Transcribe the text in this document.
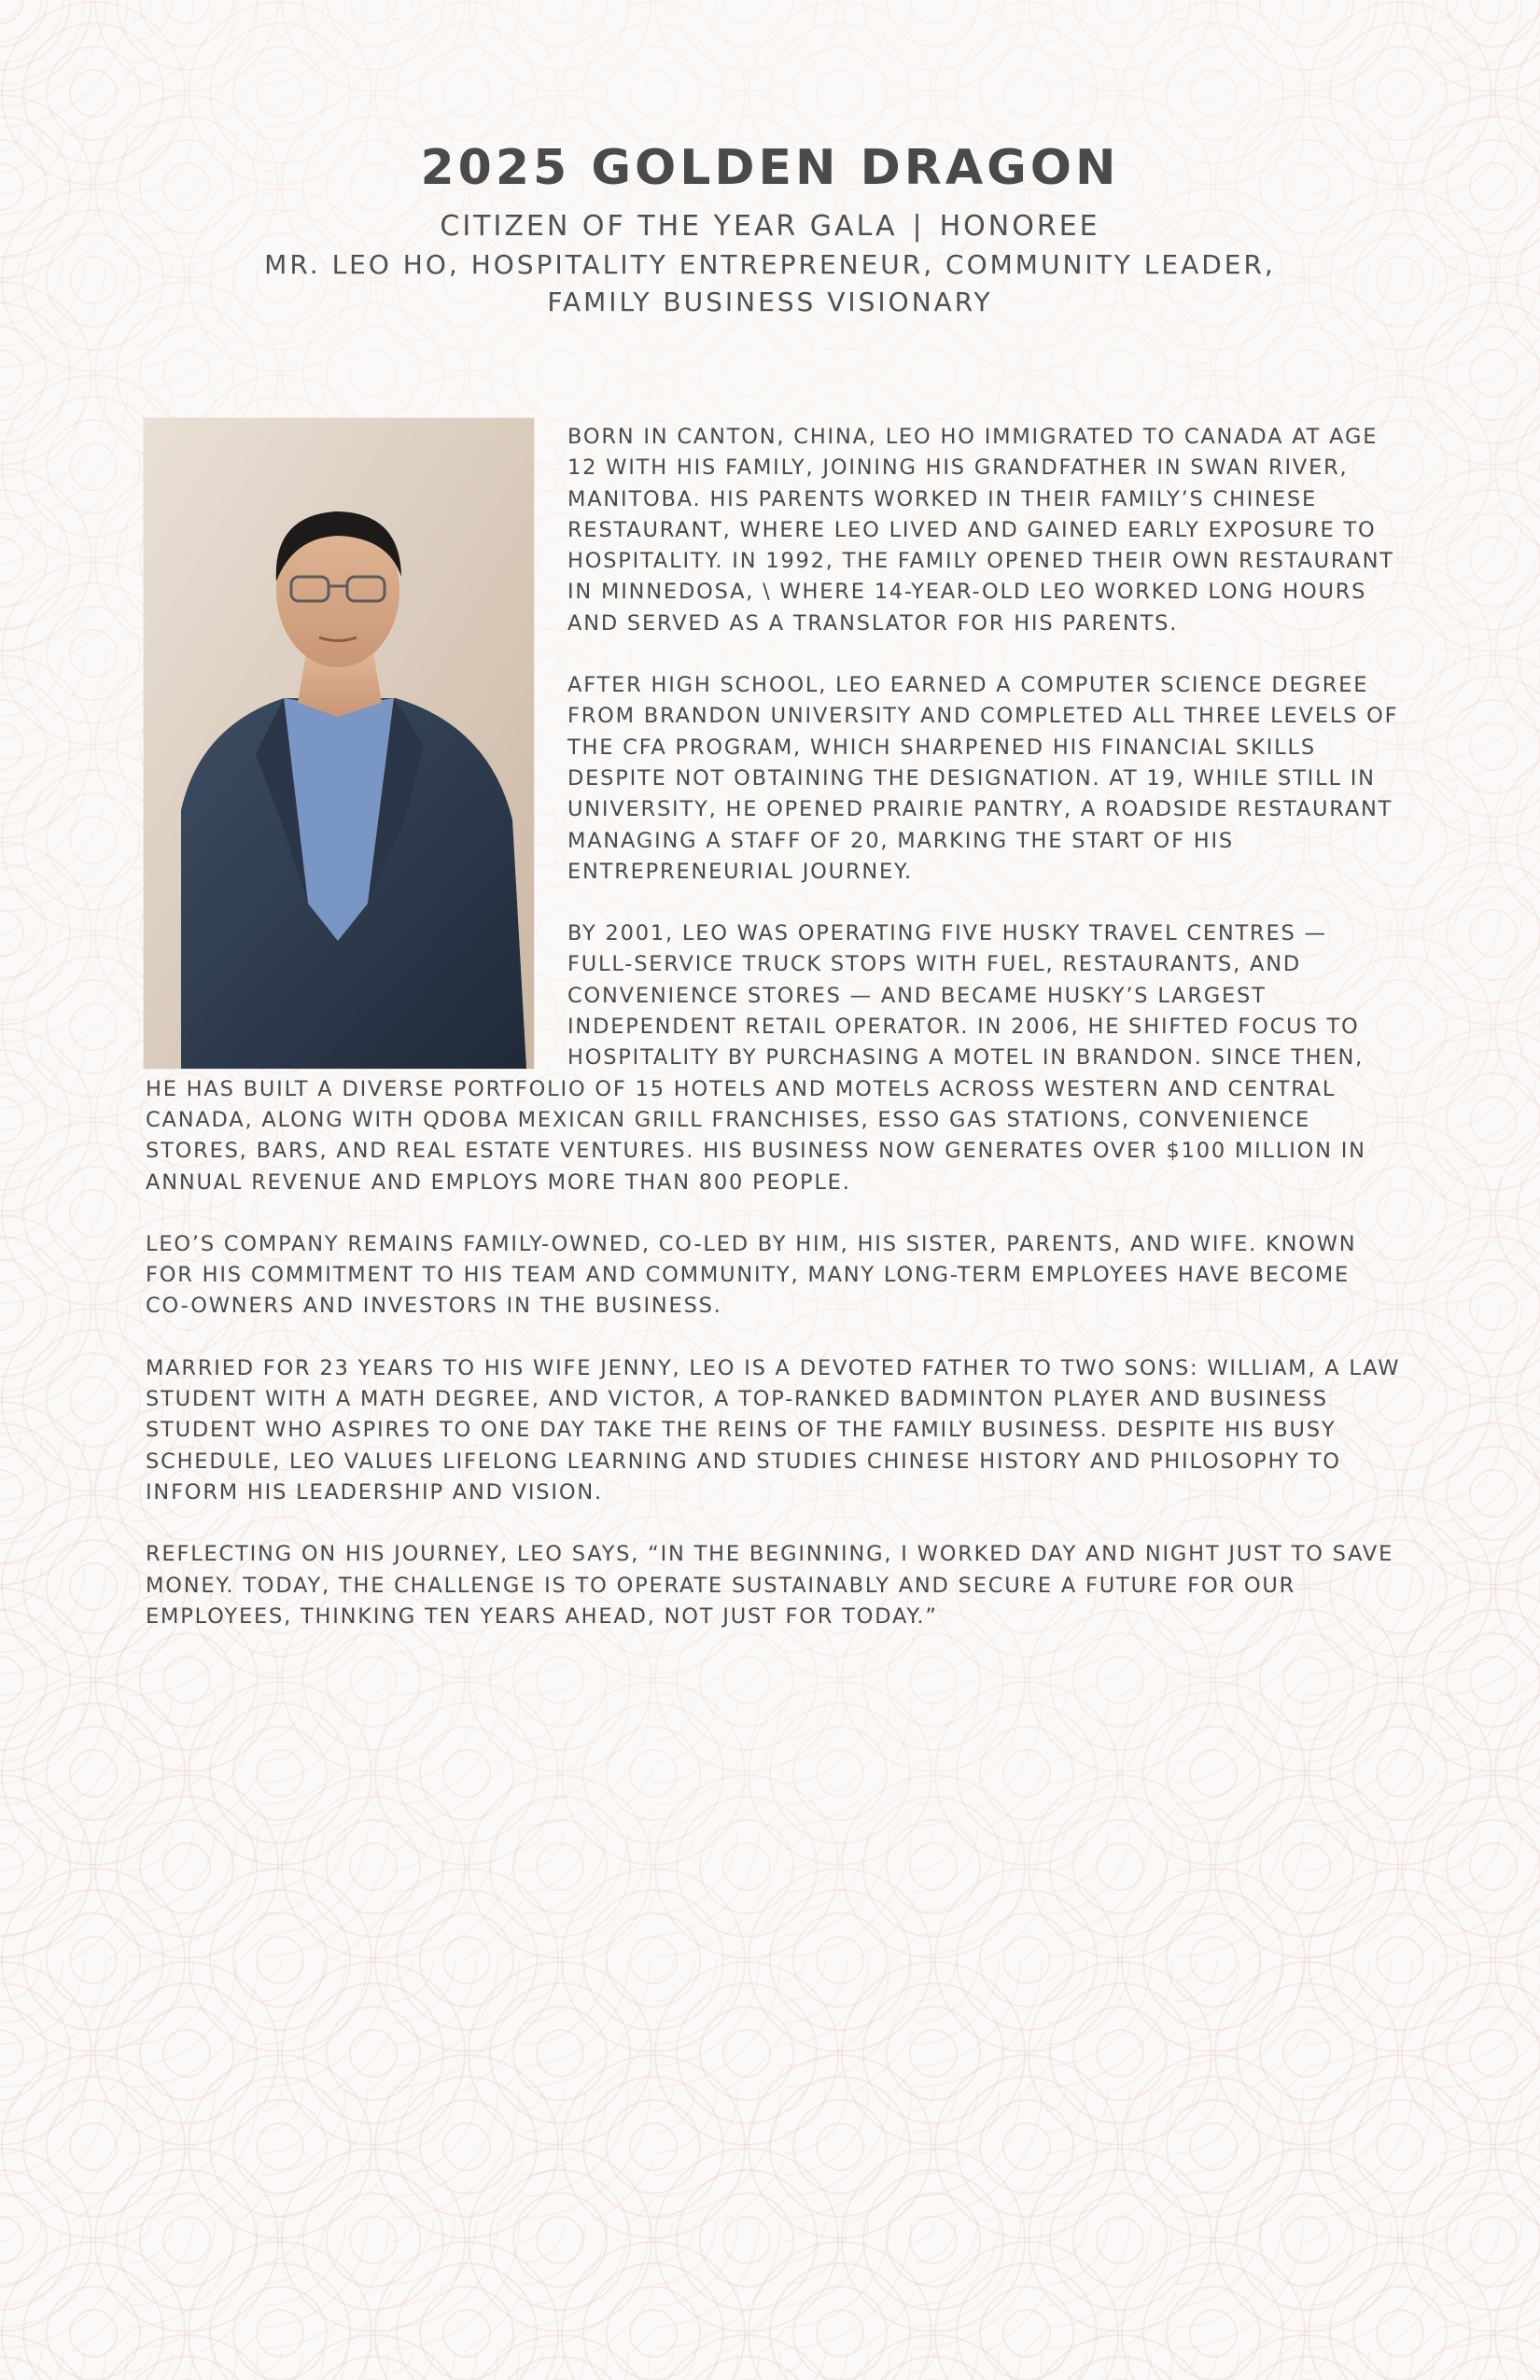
2025 GOLDEN DRAGON
CITIZEN OF THE YEAR GALA | HONOREE
MR. LEO HO, HOSPITALITY ENTREPRENEUR, COMMUNITY LEADER,
FAMILY BUSINESS VISIONARY

BORN IN CANTON, CHINA, LEO HO IMMIGRATED TO CANADA AT AGE 12 WITH HIS FAMILY, JOINING HIS GRANDFATHER IN SWAN RIVER, MANITOBA. HIS PARENTS WORKED IN THEIR FAMILY’S CHINESE RESTAURANT, WHERE LEO LIVED AND GAINED EARLY EXPOSURE TO HOSPITALITY. IN 1992, THE FAMILY OPENED THEIR OWN RESTAURANT IN MINNEDOSA, \ WHERE 14-YEAR-OLD LEO WORKED LONG HOURS AND SERVED AS A TRANSLATOR FOR HIS PARENTS.

AFTER HIGH SCHOOL, LEO EARNED A COMPUTER SCIENCE DEGREE FROM BRANDON UNIVERSITY AND COMPLETED ALL THREE LEVELS OF THE CFA PROGRAM, WHICH SHARPENED HIS FINANCIAL SKILLS DESPITE NOT OBTAINING THE DESIGNATION. AT 19, WHILE STILL IN UNIVERSITY, HE OPENED PRAIRIE PANTRY, A ROADSIDE RESTAURANT MANAGING A STAFF OF 20, MARKING THE START OF HIS ENTREPRENEURIAL JOURNEY.

BY 2001, LEO WAS OPERATING FIVE HUSKY TRAVEL CENTRES — FULL-SERVICE TRUCK STOPS WITH FUEL, RESTAURANTS, AND CONVENIENCE STORES — AND BECAME HUSKY’S LARGEST INDEPENDENT RETAIL OPERATOR. IN 2006, HE SHIFTED FOCUS TO HOSPITALITY BY PURCHASING A MOTEL IN BRANDON. SINCE THEN, HE HAS BUILT A DIVERSE PORTFOLIO OF 15 HOTELS AND MOTELS ACROSS WESTERN AND CENTRAL CANADA, ALONG WITH QDOBA MEXICAN GRILL FRANCHISES, ESSO GAS STATIONS, CONVENIENCE STORES, BARS, AND REAL ESTATE VENTURES. HIS BUSINESS NOW GENERATES OVER $100 MILLION IN ANNUAL REVENUE AND EMPLOYS MORE THAN 800 PEOPLE.

LEO’S COMPANY REMAINS FAMILY-OWNED, CO-LED BY HIM, HIS SISTER, PARENTS, AND WIFE. KNOWN FOR HIS COMMITMENT TO HIS TEAM AND COMMUNITY, MANY LONG-TERM EMPLOYEES HAVE BECOME CO-OWNERS AND INVESTORS IN THE BUSINESS.

MARRIED FOR 23 YEARS TO HIS WIFE JENNY, LEO IS A DEVOTED FATHER TO TWO SONS: WILLIAM, A LAW STUDENT WITH A MATH DEGREE, AND VICTOR, A TOP-RANKED BADMINTON PLAYER AND BUSINESS STUDENT WHO ASPIRES TO ONE DAY TAKE THE REINS OF THE FAMILY BUSINESS. DESPITE HIS BUSY SCHEDULE, LEO VALUES LIFELONG LEARNING AND STUDIES CHINESE HISTORY AND PHILOSOPHY TO INFORM HIS LEADERSHIP AND VISION.

REFLECTING ON HIS JOURNEY, LEO SAYS, “IN THE BEGINNING, I WORKED DAY AND NIGHT JUST TO SAVE MONEY. TODAY, THE CHALLENGE IS TO OPERATE SUSTAINABLY AND SECURE A FUTURE FOR OUR EMPLOYEES, THINKING TEN YEARS AHEAD, NOT JUST FOR TODAY.”
